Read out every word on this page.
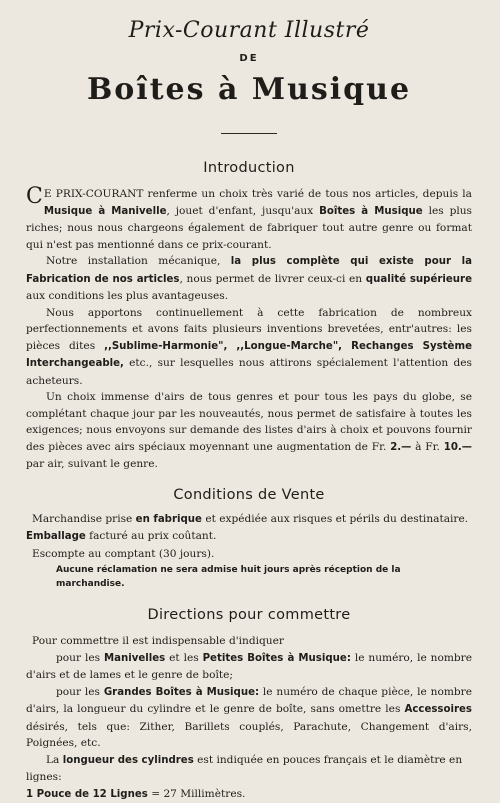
Prix-Courant Illustré
DE
Boîtes à Musique
Introduction

C E PRIX-COURANT renferme un choix très varié de tous nos articles, depuis la Musique à Manivelle, jouet d'enfant, jusqu'aux Boîtes à Musique les plus riches; nous nous chargeons également de fabriquer tout autre genre ou format qui n'est pas mentionné dans ce prix-courant.

Notre installation mécanique, la plus complète qui existe pour la Fabrication de nos articles, nous permet de livrer ceux-ci en qualité supérieure aux conditions les plus avantageuses.

Nous apportons continuellement à cette fabrication de nombreux perfectionnements et avons faits plusieurs inventions brevetées, entr'autres: les pièces dites ,,Sublime-Harmonie", ,,Longue-Marche", Rechanges Système Interchangeable, etc., sur lesquelles nous attirons spécialement l'attention des acheteurs.

Un choix immense d'airs de tous genres et pour tous les pays du globe, se complétant chaque jour par les nouveautés, nous permet de satisfaire à toutes les exigences; nous envoyons sur demande des listes d'airs à choix et pouvons fournir des pièces avec airs spéciaux moyennant une augmentation de Fr. 2.— à Fr. 10.— par air, suivant le genre.

Conditions de Vente

Marchandise prise en fabrique et expédiée aux risques et périls du destinataire.

Emballage facturé au prix coûtant.

Escompte au comptant (30 jours).

Aucune réclamation ne sera admise huit jours après réception de la marchandise.
Directions pour commettre

Pour commettre il est indispensable d'indiquer

pour les Manivelles et les Petites Boîtes à Musique: le numéro, le nombre d'airs et de lames et le genre de boîte;

pour les Grandes Boîtes à Musique: le numéro de chaque pièce, le nombre d'airs, la longueur du cylindre et le genre de boîte, sans omettre les Accessoires désirés, tels que: Zither, Barillets couplés, Parachute, Changement d'airs, Poignées, etc.

La longueur des cylindres est indiquée en pouces français et le diamètre en lignes:

1 Pouce de 12 Lignes = 27 Millimètres.
